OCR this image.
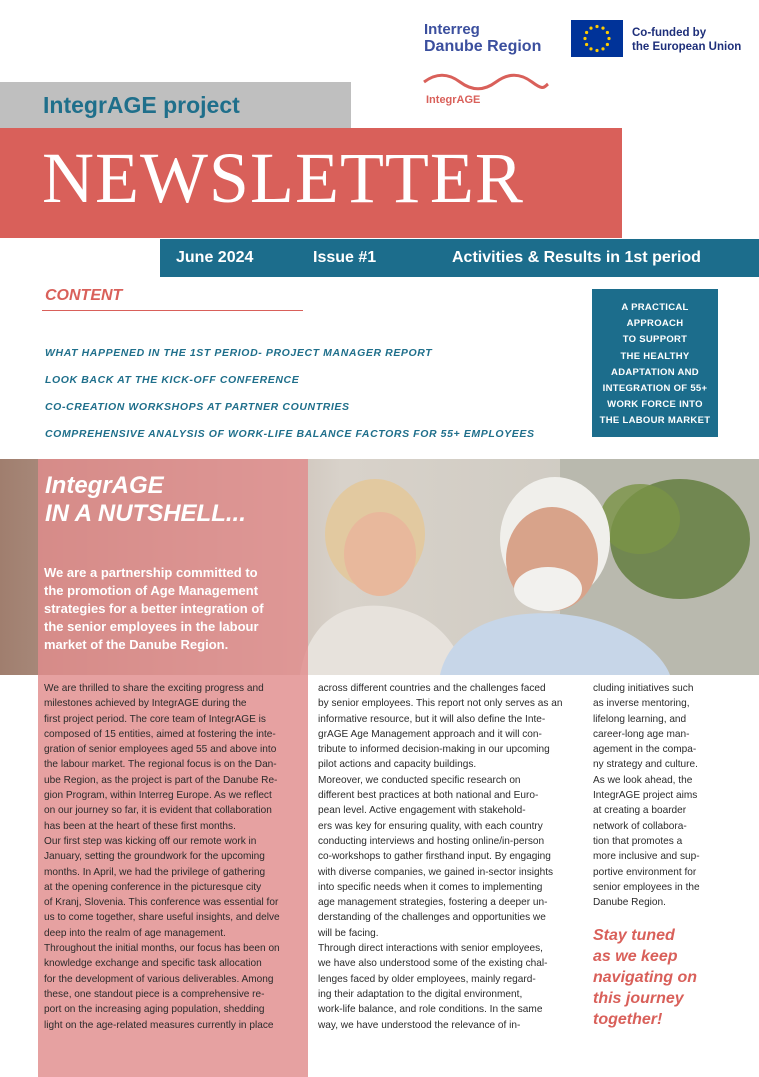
Interreg
Danube Region
Co-funded by
the European Union
IntegrAGE
IntegrAGE project
NEWSLETTER
June 2024	Issue #1	Activities & Results in 1st period
CONTENT
WHAT HAPPENED IN THE 1ST PERIOD- PROJECT MANAGER REPORT
LOOK BACK AT THE KICK-OFF CONFERENCE
CO-CREATION WORKSHOPS AT PARTNER COUNTRIES
COMPREHENSIVE ANALYSIS OF WORK-LIFE BALANCE FACTORS FOR 55+ EMPLOYEES
A PRACTICAL
APPROACH
TO SUPPORT
THE HEALTHY
ADAPTATION AND
INTEGRATION OF 55+
WORK FORCE INTO
THE LABOUR MARKET
IntegrAGE
IN A NUTSHELL...
We are a partnership committed to
the promotion of Age Management
strategies for a better integration of
the senior employees in the labour
market of the Danube Region.
We are thrilled to share the exciting progress and
milestones achieved by IntegrAGE during the
first project period. The core team of IntegrAGE is
composed of 15 entities, aimed at fostering the inte-
gration of senior employees aged 55 and above into
the labour market. The regional focus is on the Dan-
ube Region, as the project is part of the Danube Re-
gion Program, within Interreg Europe. As we reflect
on our journey so far, it is evident that collaboration
has been at the heart of these first months.
Our first step was kicking off our remote work in
January, setting the groundwork for the upcoming
months. In April, we had the privilege of gathering
at the opening conference in the picturesque city
of Kranj, Slovenia. This conference was essential for
us to come together, share useful insights, and delve
deep into the realm of age management.
Throughout the initial months, our focus has been on
knowledge exchange and specific task allocation
for the development of various deliverables. Among
these, one standout piece is a comprehensive re-
port on the increasing aging population, shedding
light on the age-related measures currently in place
across different countries and the challenges faced
by senior employees. This report not only serves as an
informative resource, but it will also define the Inte-
grAGE Age Management approach and it will con-
tribute to informed decision-making in our upcoming
pilot actions and capacity buildings.
Moreover, we conducted specific research on
different best practices at both national and Euro-
pean level. Active engagement with stakehold-
ers was key for ensuring quality, with each country
conducting interviews and hosting online/in-person
co-workshops to gather firsthand input. By engaging
with diverse companies, we gained in-sector insights
into specific needs when it comes to implementing
age management strategies, fostering a deeper un-
derstanding of the challenges and opportunities we
will be facing.
Through direct interactions with senior employees,
we have also understood some of the existing chal-
lenges faced by older employees, mainly regard-
ing their adaptation to the digital environment,
work-life balance, and role conditions. In the same
way, we have understood the relevance of in-
cluding initiatives such
as inverse mentoring,
lifelong learning, and
career-long age man-
agement in the compa-
ny strategy and culture.
As we look ahead, the
IntegrAGE project aims
at creating a boarder
network of collabora-
tion that promotes a
more inclusive and sup-
portive environment for
senior employees in the
Danube Region.
Stay tuned
as we keep
navigating on
this journey
together!
